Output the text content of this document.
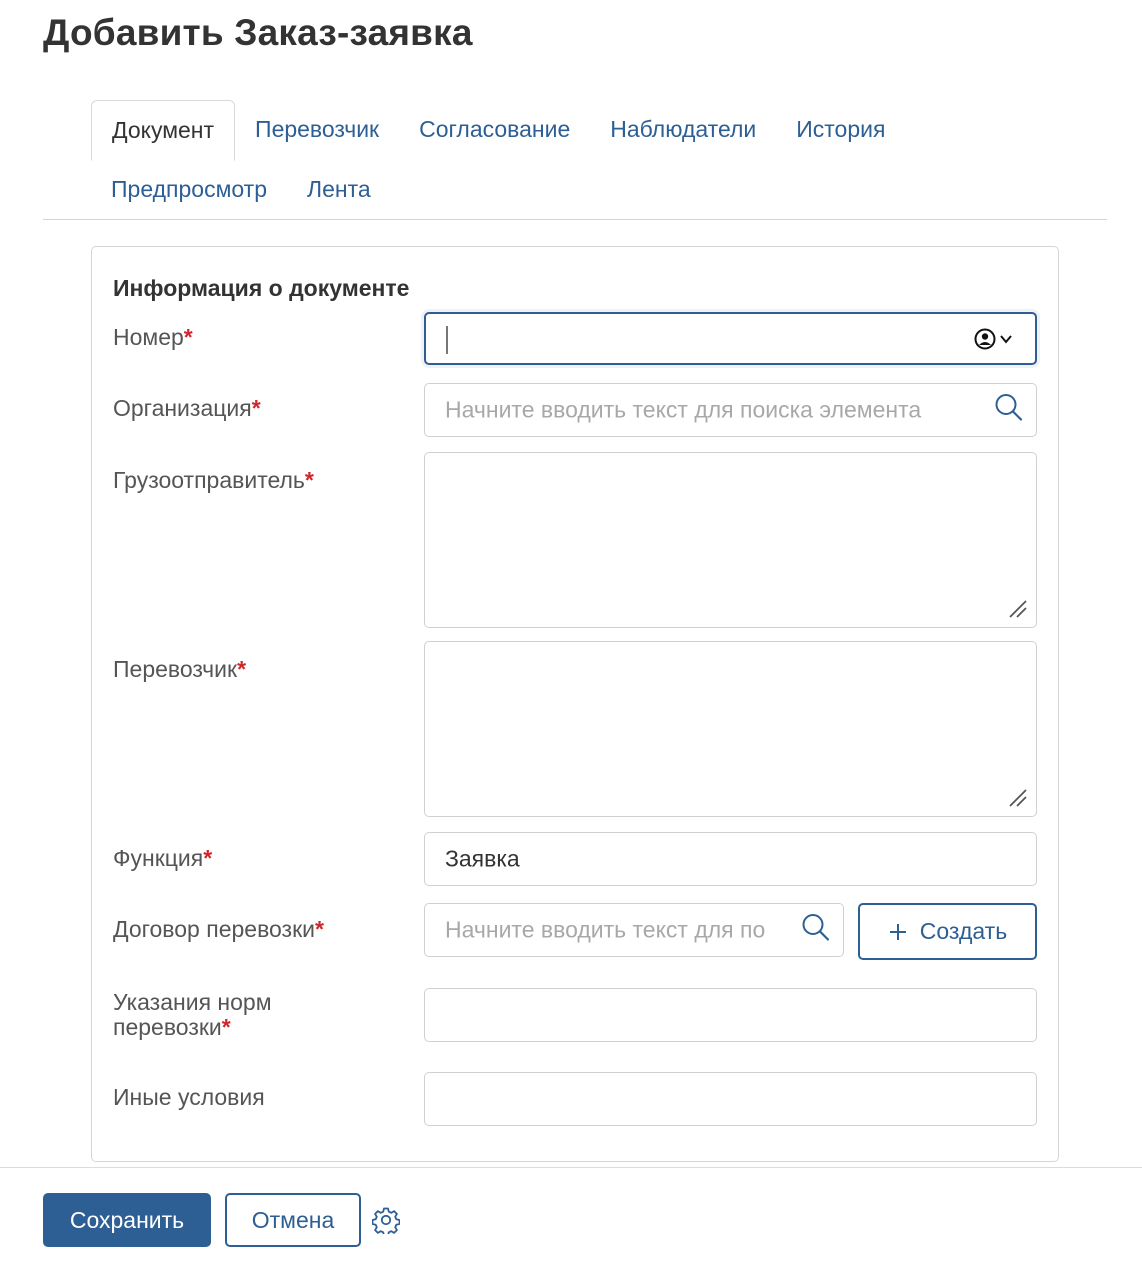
Добавить Заказ-заявка
Документ	Перевозчик	Согласование	Наблюдатели	История
Предпросмотр	Лента
Информация о документе
Номер*
Организация*	Начните вводить текст для поиска элемента
Грузоотправитель*
Перевозчик*
Функция*	Заявка
Договор перевозки*	Начните вводить текст для по	Создать
Указания норм
перевозки*
Иные условия
Сохранить	Отмена
